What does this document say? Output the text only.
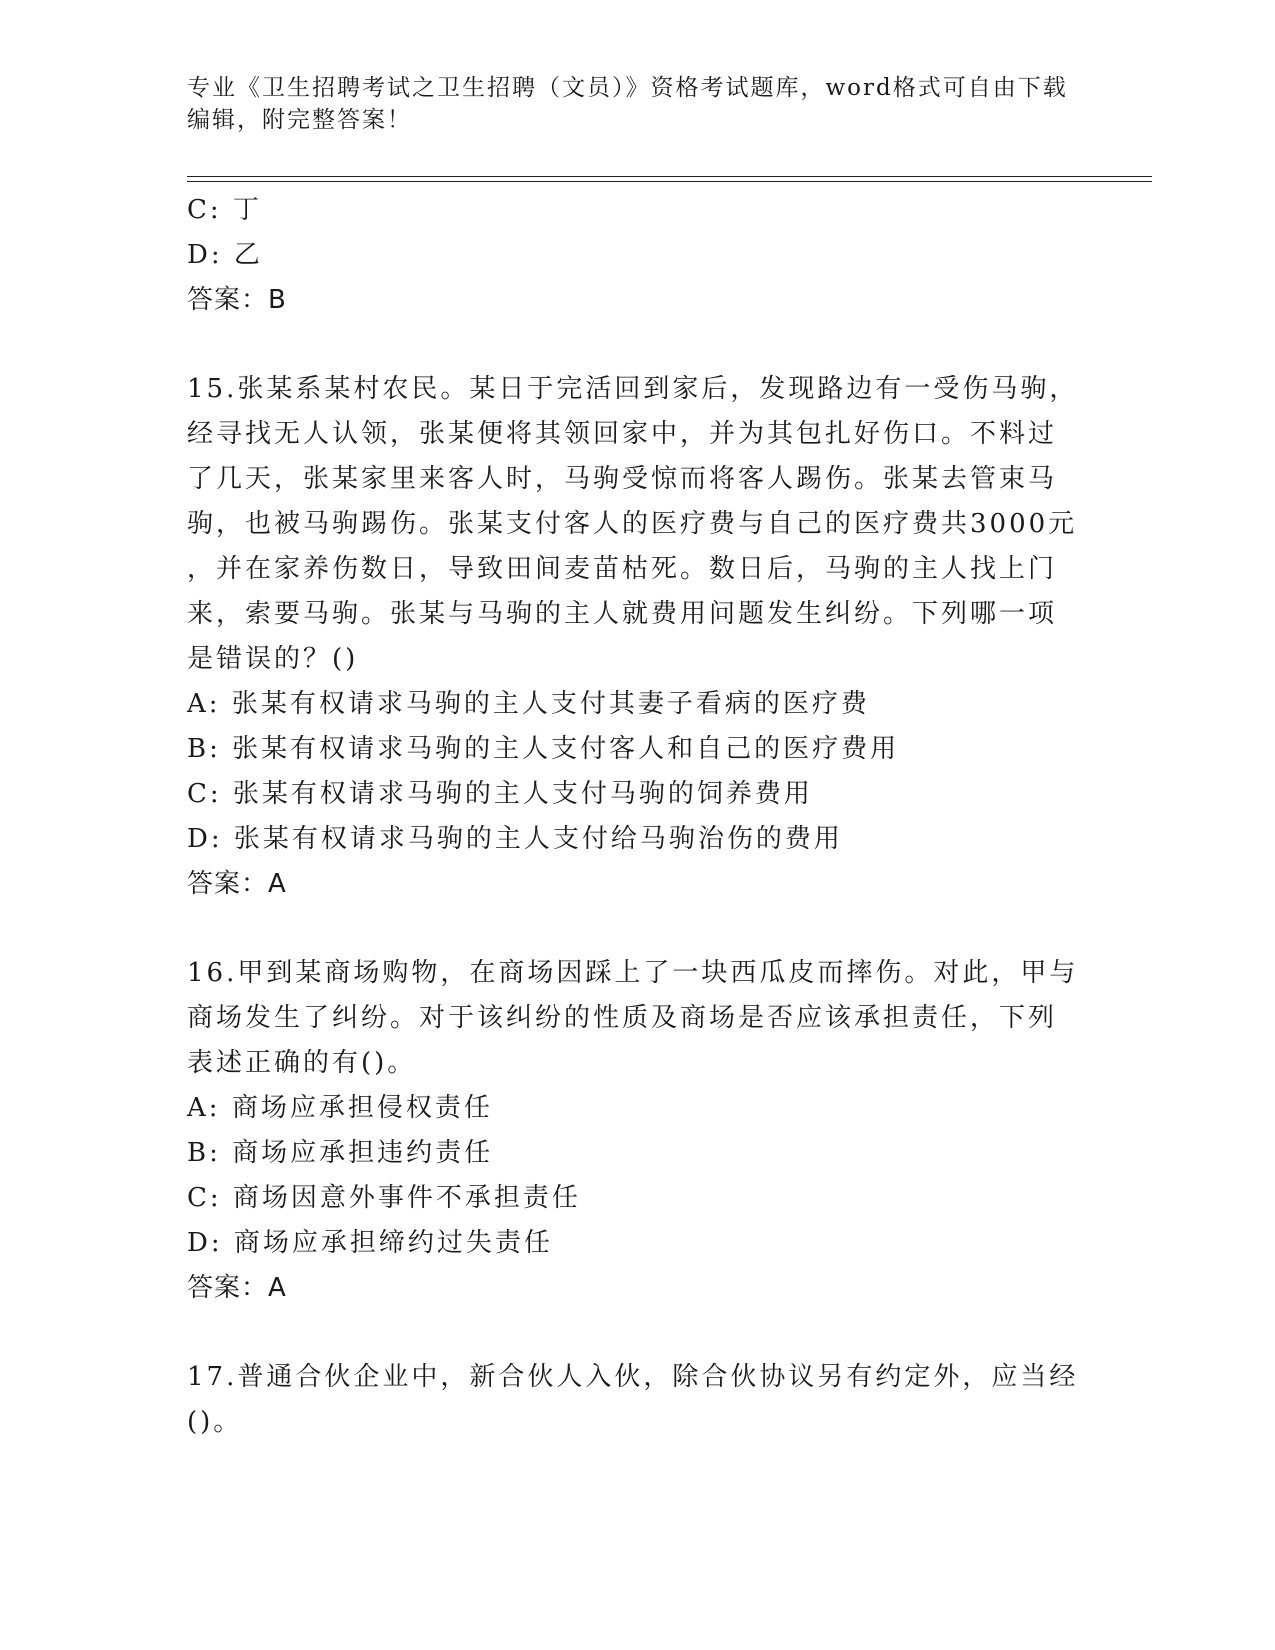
专业《卫生招聘考试之卫生招聘（文员）》资格考试题库，word格式可自由下载
编辑，附完整答案！
C: 丁
D: 乙
答案：B
15.张某系某村农民。某日于完活回到家后，发现路边有一受伤马驹，
经寻找无人认领，张某便将其领回家中，并为其包扎好伤口。不料过
了几天，张某家里来客人时，马驹受惊而将客人踢伤。张某去管束马
驹，也被马驹踢伤。张某支付客人的医疗费与自己的医疗费共3000元
，并在家养伤数日，导致田间麦苗枯死。数日后，马驹的主人找上门
来，索要马驹。张某与马驹的主人就费用问题发生纠纷。下列哪一项
是错误的？()
A: 张某有权请求马驹的主人支付其妻子看病的医疗费
B: 张某有权请求马驹的主人支付客人和自己的医疗费用
C: 张某有权请求马驹的主人支付马驹的饲养费用
D: 张某有权请求马驹的主人支付给马驹治伤的费用
答案：A
16.甲到某商场购物，在商场因踩上了一块西瓜皮而摔伤。对此，甲与
商场发生了纠纷。对于该纠纷的性质及商场是否应该承担责任，下列
表述正确的有()。
A: 商场应承担侵权责任
B: 商场应承担违约责任
C: 商场因意外事件不承担责任
D: 商场应承担缔约过失责任
答案：A
17.普通合伙企业中，新合伙人入伙，除合伙协议另有约定外，应当经
()。
